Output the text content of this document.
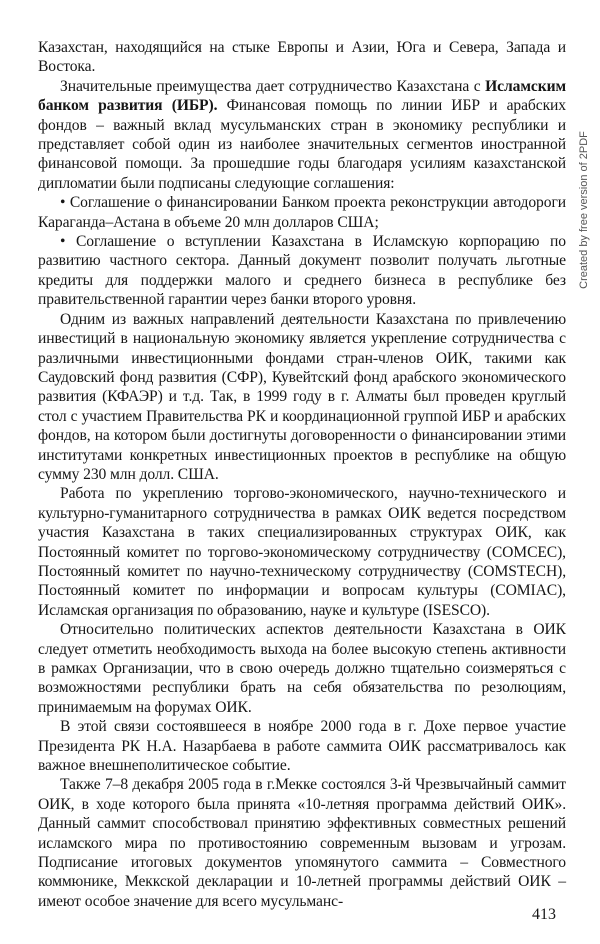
Created by free version of 2PDF

Казахстан, находящийся на стыке Европы и Азии, Юга и Севера, Запада и Востока.

Значительные преимущества дает сотрудничество Казахстана с Исламским банком развития (ИБР). Финансовая помощь по линии ИБР и арабских фондов – важный вклад мусульманских стран в экономику республики и представляет собой один из наиболее значительных сегментов иностранной финансовой помощи. За прошедшие годы благодаря усилиям казахстанской дипломатии были подписаны следующие соглашения:

• Соглашение о финансировании Банком проекта реконструкции автодороги Караганда–Астана в объеме 20 млн долларов США;

• Соглашение о вступлении Казахстана в Исламскую корпорацию по развитию частного сектора. Данный документ позволит получать льготные кредиты для поддержки малого и среднего бизнеса в республике без правительственной гарантии через банки второго уровня.

Одним из важных направлений деятельности Казахстана по привлечению инвестиций в национальную экономику является укрепление сотрудничества с различными инвестиционными фондами стран-членов ОИК, такими как Саудовский фонд развития (СФР), Кувейтский фонд арабского экономического развития (КФАЭР) и т.д. Так, в 1999 году в г. Алматы был проведен круглый стол с участием Правительства РК и координационной группой ИБР и арабских фондов, на котором были достигнуты договоренности о финансировании этими институтами конкретных инвестиционных проектов в республике на общую сумму 230 млн долл. США.

Работа по укреплению торгово-экономического, научно-технического и культурно-гуманитарного сотрудничества в рамках ОИК ведется посредством участия Казахстана в таких специализированных структурах ОИК, как Постоянный комитет по торгово-экономическому сотрудничеству (COMCEC), Постоянный комитет по научно-техническому сотрудничеству (COMSTECH), Постоянный комитет по информации и вопросам культуры (COMIAC), Исламская организация по образованию, науке и культуре (ISESCO).

Относительно политических аспектов деятельности Казахстана в ОИК следует отметить необходимость выхода на более высокую степень активности в рамках Организации, что в свою очередь должно тщательно соизмеряться с возможностями республики брать на себя обязательства по резолюциям, принимаемым на форумах ОИК.

В этой связи состоявшееся в ноябре 2000 года в г. Дохе первое участие Президента РК Н.А. Назарбаева в работе саммита ОИК рассматривалось как важное внешнеполитическое событие.

Также 7–8 декабря 2005 года в г.Мекке состоялся 3-й Чрезвычайный саммит ОИК, в ходе которого была принята «10-летняя программа действий ОИК». Данный саммит способствовал принятию эффективных совместных решений исламского мира по противостоянию современным вызовам и угрозам. Подписание итоговых документов упомянутого саммита – Совместного коммюнике, Меккской декларации и 10-летней программы действий ОИК – имеют особое значение для всего мусульманс-

413
